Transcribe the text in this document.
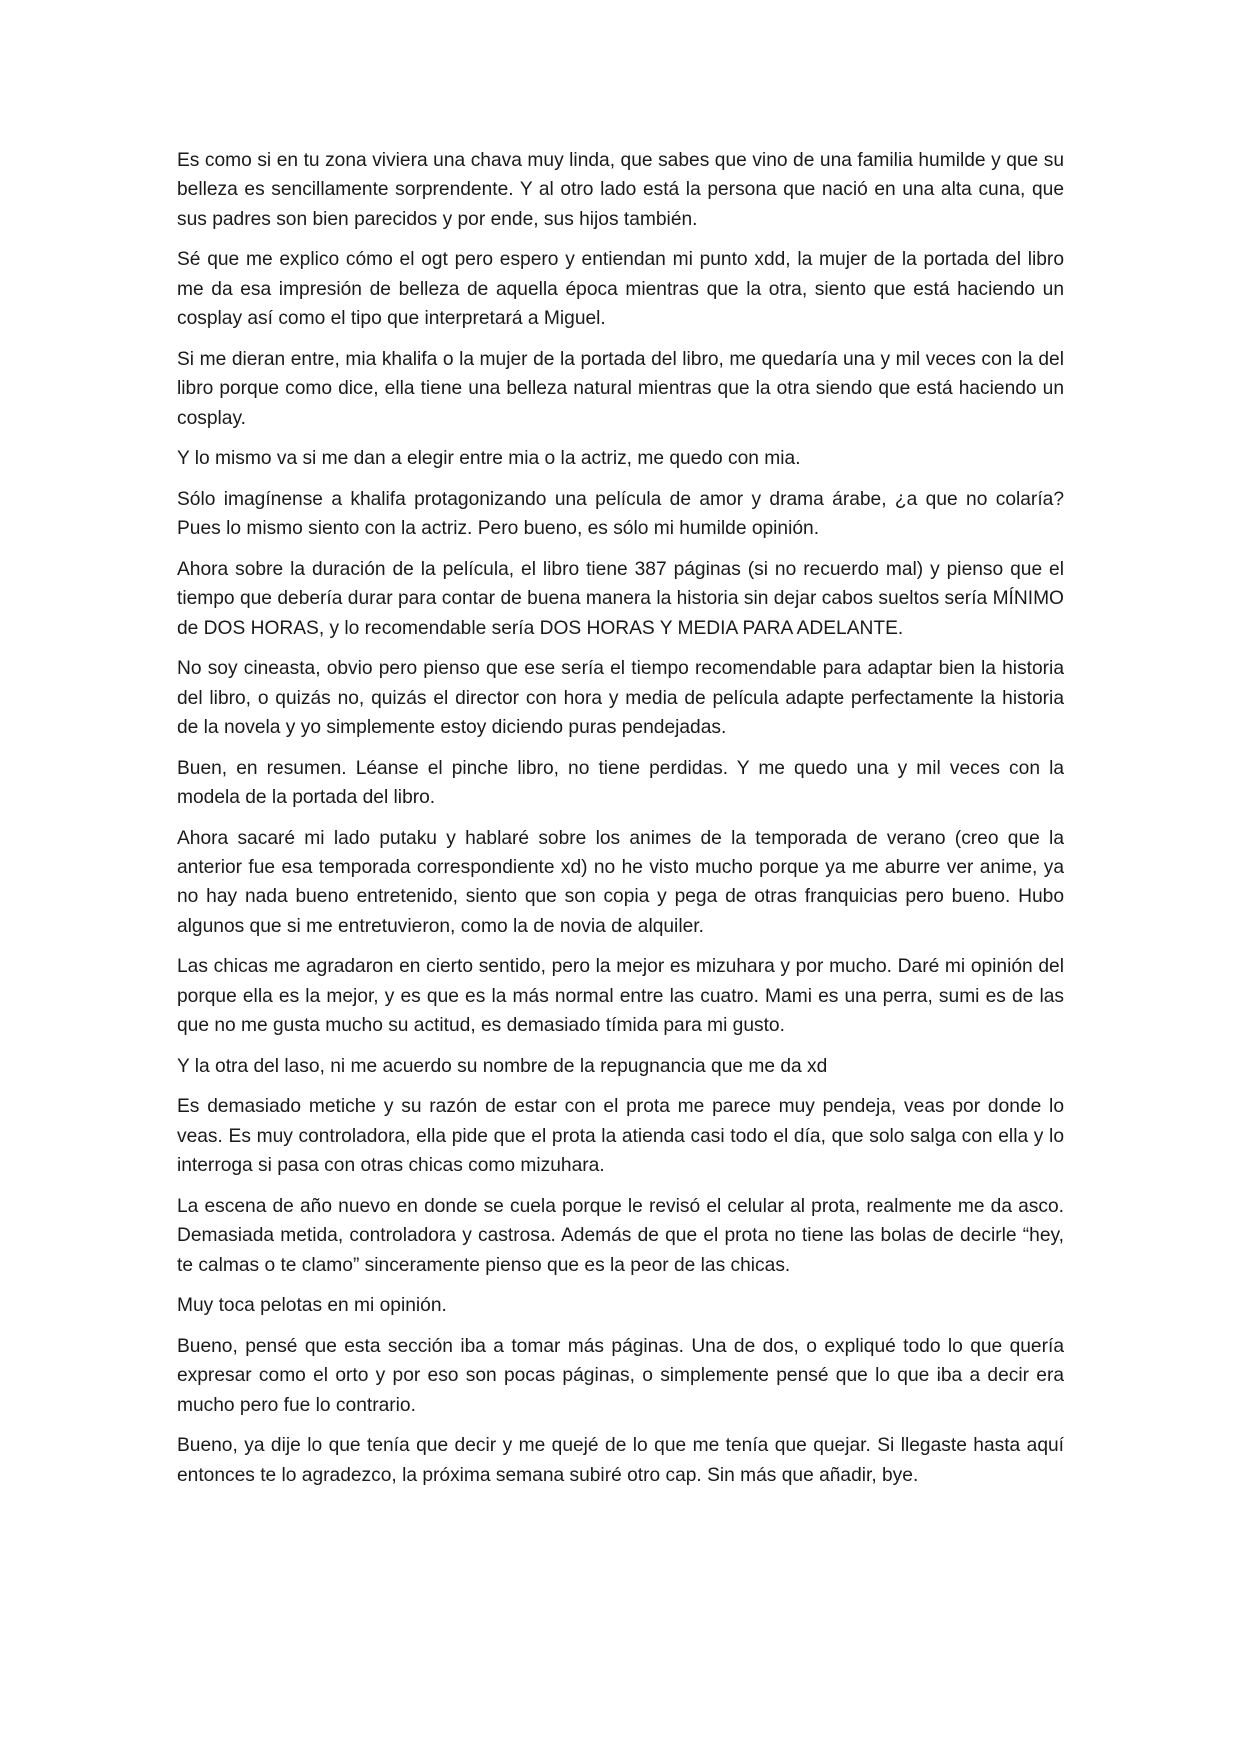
Es como si en tu zona viviera una chava muy linda, que sabes que vino de una familia humilde y que su belleza es sencillamente sorprendente. Y al otro lado está la persona que nació en una alta cuna, que sus padres son bien parecidos y por ende, sus hijos también.

Sé que me explico cómo el ogt pero espero y entiendan mi punto xdd, la mujer de la portada del libro me da esa impresión de belleza de aquella época mientras que la otra, siento que está haciendo un cosplay así como el tipo que interpretará a Miguel.

Si me dieran entre, mia khalifa o la mujer de la portada del libro, me quedaría una y mil veces con la del libro porque como dice, ella tiene una belleza natural mientras que la otra siendo que está haciendo un cosplay.

Y lo mismo va si me dan a elegir entre mia o la actriz, me quedo con mia.

Sólo imagínense a khalifa protagonizando una película de amor y drama árabe, ¿a que no colaría? Pues lo mismo siento con la actriz. Pero bueno, es sólo mi humilde opinión.

Ahora sobre la duración de la película, el libro tiene 387 páginas (si no recuerdo mal) y pienso que el tiempo que debería durar para contar de buena manera la historia sin dejar cabos sueltos sería MÍNIMO de DOS HORAS, y lo recomendable sería DOS HORAS Y MEDIA PARA ADELANTE.

No soy cineasta, obvio pero pienso que ese sería el tiempo recomendable para adaptar bien la historia del libro, o quizás no, quizás el director con hora y media de película adapte perfectamente la historia de la novela y yo simplemente estoy diciendo puras pendejadas.

Buen, en resumen. Léanse el pinche libro, no tiene perdidas. Y me quedo una y mil veces con la modela de la portada del libro.

Ahora sacaré mi lado putaku y hablaré sobre los animes de la temporada de verano (creo que la anterior fue esa temporada correspondiente xd) no he visto mucho porque ya me aburre ver anime, ya no hay nada bueno entretenido, siento que son copia y pega de otras franquicias pero bueno. Hubo algunos que si me entretuvieron, como la de novia de alquiler.

Las chicas me agradaron en cierto sentido, pero la mejor es mizuhara y por mucho. Daré mi opinión del porque ella es la mejor, y es que es la más normal entre las cuatro. Mami es una perra, sumi es de las que no me gusta mucho su actitud, es demasiado tímida para mi gusto.

Y la otra del laso, ni me acuerdo su nombre de la repugnancia que me da xd

Es demasiado metiche y su razón de estar con el prota me parece muy pendeja, veas por donde lo veas. Es muy controladora, ella pide que el prota la atienda casi todo el día, que solo salga con ella y lo interroga si pasa con otras chicas como mizuhara.

La escena de año nuevo en donde se cuela porque le revisó el celular al prota, realmente me da asco. Demasiada metida, controladora y castrosa. Además de que el prota no tiene las bolas de decirle “hey, te calmas o te clamo” sinceramente pienso que es la peor de las chicas.

Muy toca pelotas en mi opinión.

Bueno, pensé que esta sección iba a tomar más páginas. Una de dos, o expliqué todo lo que quería expresar como el orto y por eso son pocas páginas, o simplemente pensé que lo que iba a decir era mucho pero fue lo contrario.

Bueno, ya dije lo que tenía que decir y me quejé de lo que me tenía que quejar. Si llegaste hasta aquí entonces te lo agradezco, la próxima semana subiré otro cap. Sin más que añadir, bye.
